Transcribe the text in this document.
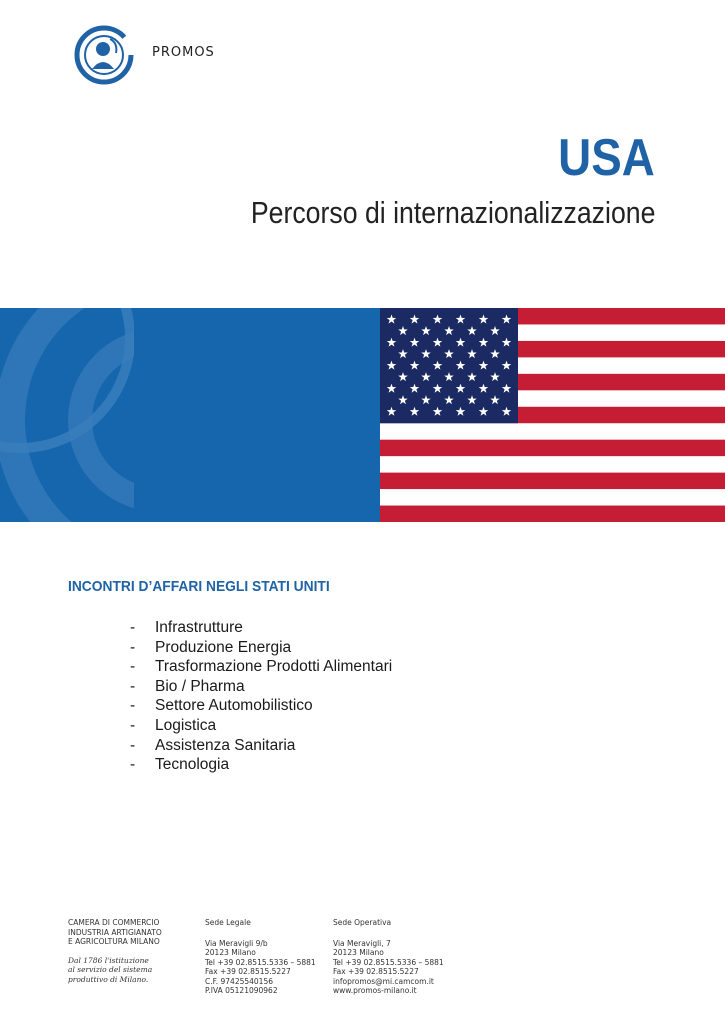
PROMOS
USA
Percorso di internazionalizzazione
INCONTRI D’AFFARI NEGLI STATI UNITI
-	Infrastrutture
-	Produzione Energia
-	Trasformazione Prodotti Alimentari
-	Bio / Pharma
-	Settore Automobilistico
-	Logistica
-	Assistenza Sanitaria
-	Tecnologia
CAMERA DI COMMERCIO
INDUSTRIA ARTIGIANATO
E AGRICOLTURA MILANO
Dal 1786 l'istituzione
al servizio del sistema
produttivo di Milano.
Sede Legale
Via Meravigli 9/b
20123 Milano
Tel +39 02.8515.5336 – 5881
Fax +39 02.8515.5227
C.F. 97425540156
P.IVA 05121090962
Sede Operativa
Via Meravigli, 7
20123 Milano
Tel +39 02.8515.5336 – 5881
Fax +39 02.8515.5227
infopromos@mi.camcom.it
www.promos-milano.it
